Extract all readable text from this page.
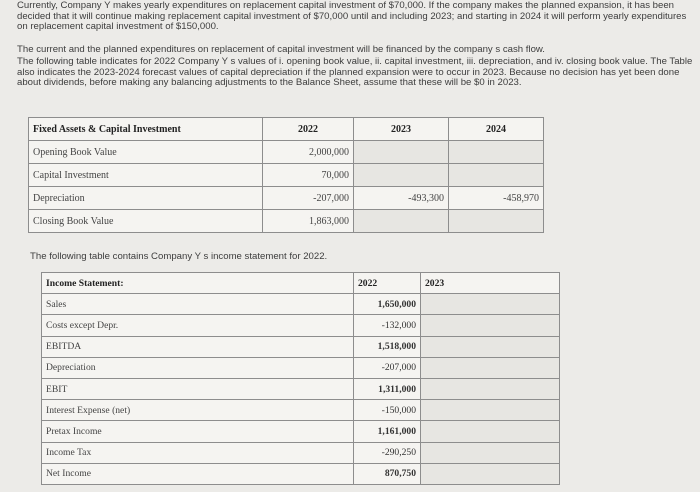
Currently, Company Y makes yearly expenditures on replacement capital investment of $70,000. If the company makes the planned expansion, it has been decided that it will continue making replacement capital investment of $70,000 until and including 2023; and starting in 2024 it will perform yearly expenditures on replacement capital investment of $150,000.
The current and the planned expenditures on replacement of capital investment will be financed by the company s cash flow.
The following table indicates for 2022 Company Y s values of i. opening book value, ii. capital investment, iii. depreciation, and iv. closing book value. The Table also indicates the 2023-2024 forecast values of capital depreciation if the planned expansion were to occur in 2023. Because no decision has yet been done about dividends, before making any balancing adjustments to the Balance Sheet, assume that these will be $0 in 2023.
Fixed Assets & Capital Investment	2022	2023	2024
Opening Book Value	2,000,000		
Capital Investment	70,000		
Depreciation	-207,000	-493,300	-458,970
Closing Book Value	1,863,000		
The following table contains Company Y s income statement for 2022.
Income Statement:	2022	2023
Sales	1,650,000	
Costs except Depr.	-132,000	
EBITDA	1,518,000	
Depreciation	-207,000	
EBIT	1,311,000	
Interest Expense (net)	-150,000	
Pretax Income	1,161,000	
Income Tax	-290,250	
Net Income	870,750	
